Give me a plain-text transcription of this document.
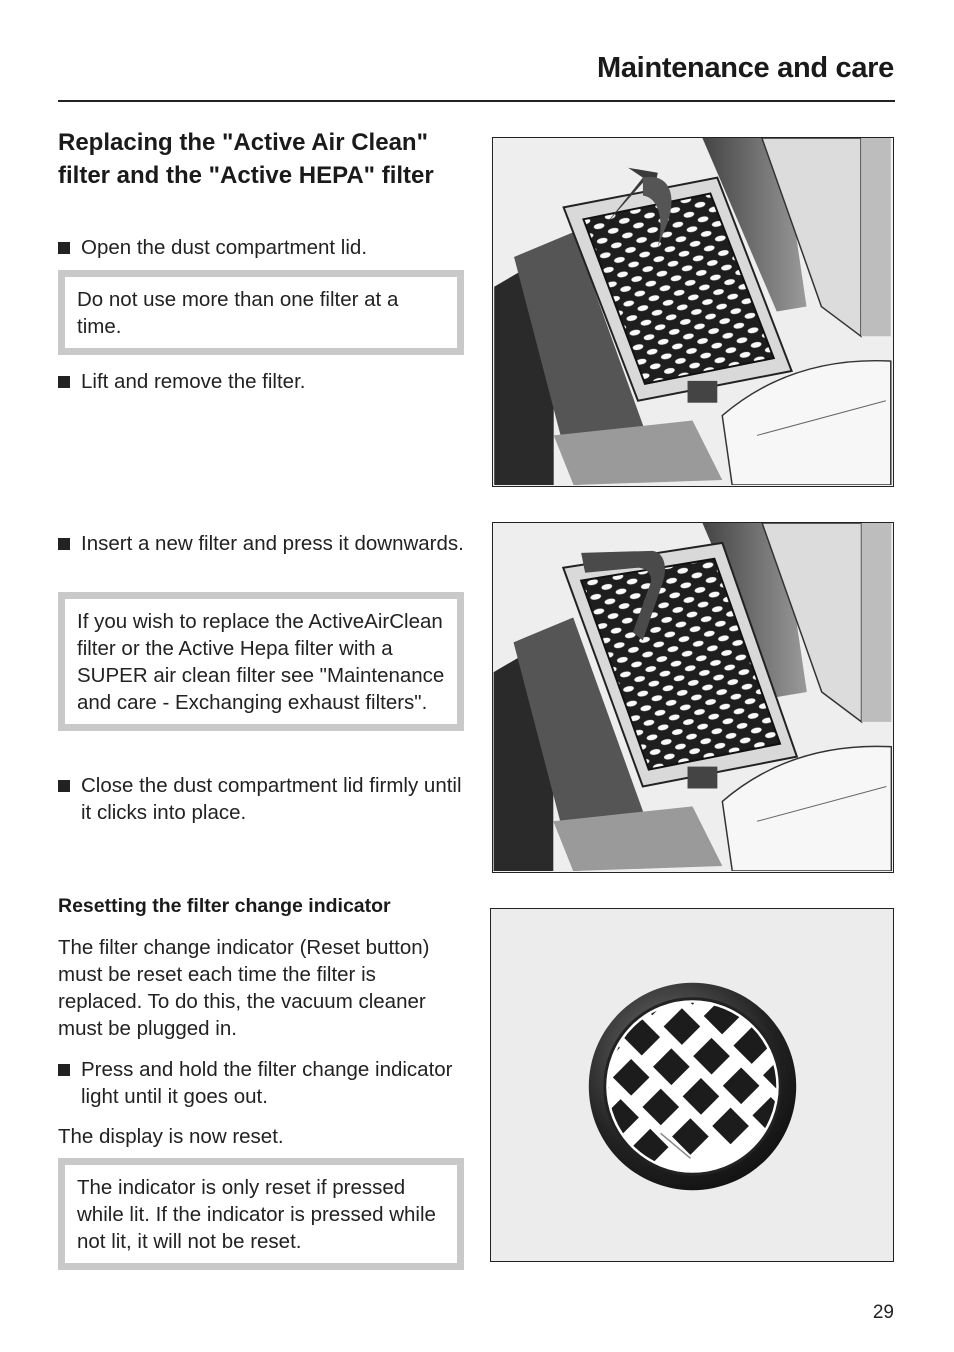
Maintenance and care
Replacing the "Active Air Clean" filter and the "Active HEPA" filter
Open the dust compartment lid.
Do not use more than one filter at a time.
Lift and remove the filter.
Insert a new filter and press it downwards.
If you wish to replace the ActiveAirClean filter or the Active Hepa filter with a SUPER air clean filter see "Maintenance and care - Exchanging exhaust filters".
Close the dust compartment lid firmly until it clicks into place.
Resetting the filter change indicator
The filter change indicator (Reset button) must be reset each time the filter is replaced. To do this, the vacuum cleaner must be plugged in.
Press and hold the filter change indicator light until it goes out.
The display is now reset.
The indicator is only reset if pressed while lit. If the indicator is pressed while not lit, it will not be reset.
29
